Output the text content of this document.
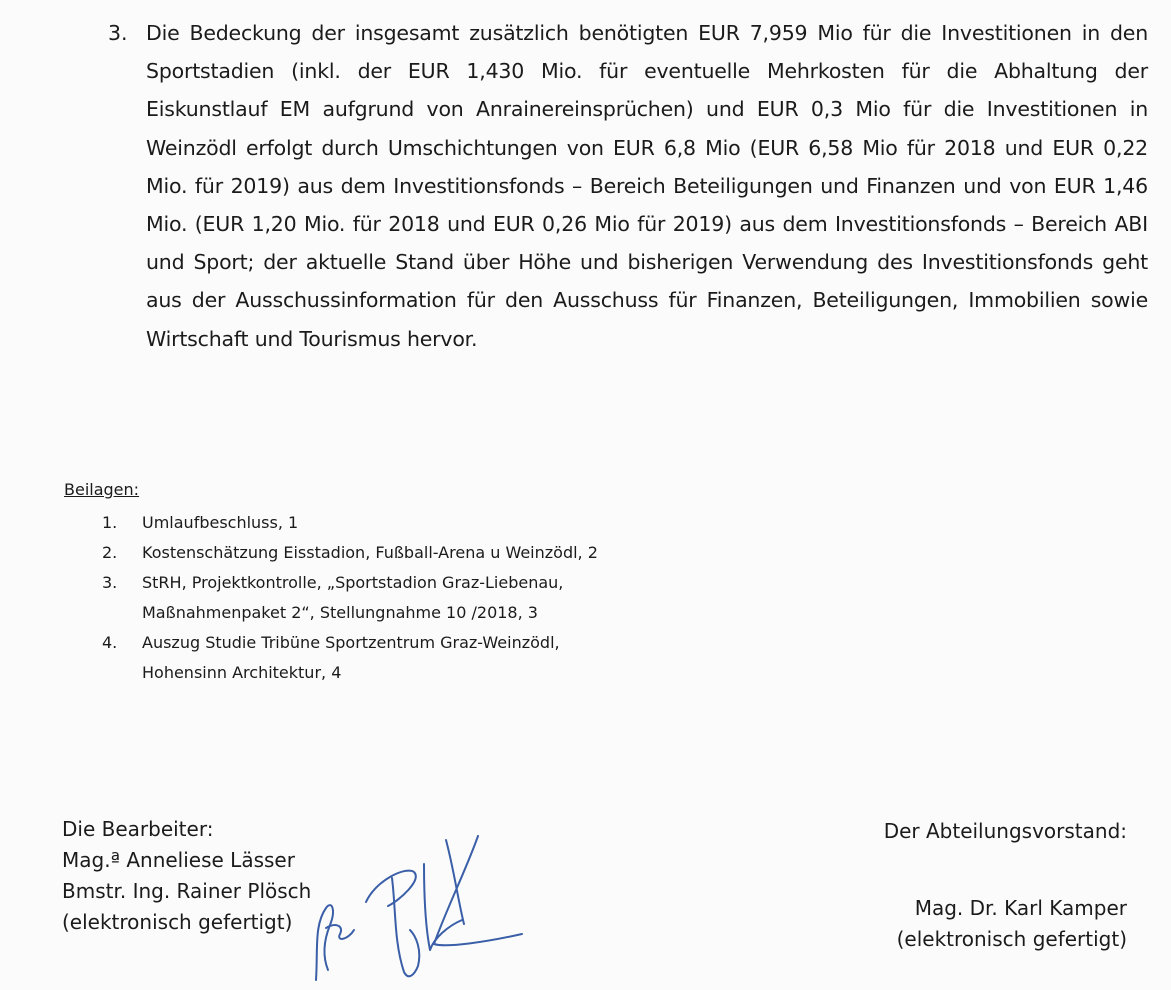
3. Die Bedeckung der insgesamt zusätzlich benötigten EUR 7,959 Mio für die Investitionen in den Sportstadien (inkl. der EUR 1,430 Mio. für eventuelle Mehrkosten für die Abhaltung der Eiskunstlauf EM aufgrund von Anrainereinsprüchen) und EUR 0,3 Mio für die Investitionen in Weinzödl erfolgt durch Umschichtungen von EUR 6,8 Mio (EUR 6,58 Mio für 2018 und EUR 0,22 Mio. für 2019) aus dem Investitionsfonds – Bereich Beteiligungen und Finanzen und von EUR 1,46 Mio. (EUR 1,20 Mio. für 2018 und EUR 0,26 Mio für 2019) aus dem Investitionsfonds – Bereich ABI und Sport; der aktuelle Stand über Höhe und bisherigen Verwendung des Investitionsfonds geht aus der Ausschussinformation für den Ausschuss für Finanzen, Beteiligungen, Immobilien sowie Wirtschaft und Tourismus hervor.
Beilagen:
1. Umlaufbeschluss, 1
2. Kostenschätzung Eisstadion, Fußball-Arena u Weinzödl, 2
3. StRH, Projektkontrolle, „Sportstadion Graz-Liebenau,
Maßnahmenpaket 2“, Stellungnahme 10 /2018, 3
4. Auszug Studie Tribüne Sportzentrum Graz-Weinzödl,
Hohensinn Architektur, 4
Die Bearbeiter:
Mag.ª Anneliese Lässer
Bmstr. Ing. Rainer Plösch
(elektronisch gefertigt)
Der Abteilungsvorstand:
Mag. Dr. Karl Kamper
(elektronisch gefertigt)
